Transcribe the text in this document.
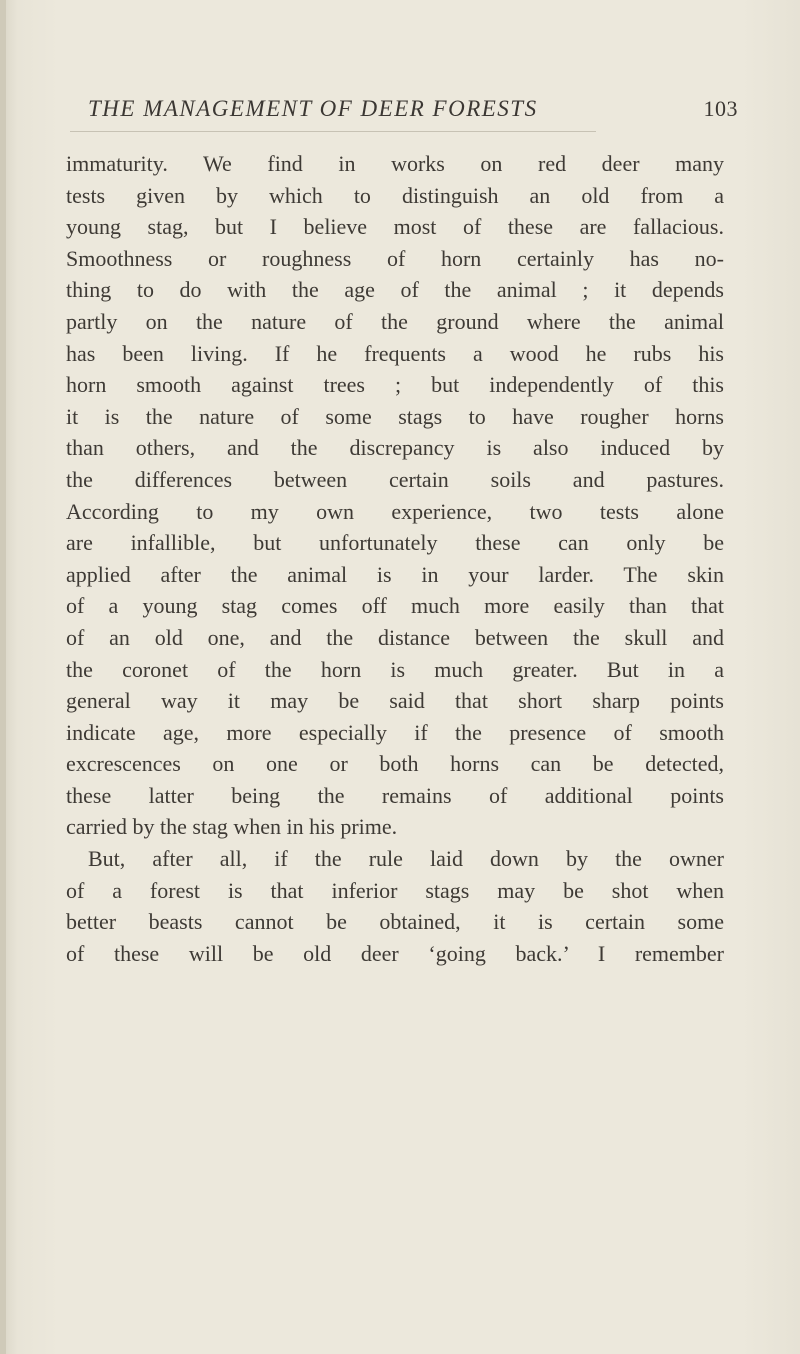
THE MANAGEMENT OF DEER FORESTS	103
immaturity. We find in works on red deer many
tests given by which to distinguish an old from a
young stag, but I believe most of these are fallacious.
Smoothness or roughness of horn certainly has no-
thing to do with the age of the animal ; it depends
partly on the nature of the ground where the animal
has been living. If he frequents a wood he rubs his
horn smooth against trees ; but independently of this
it is the nature of some stags to have rougher horns
than others, and the discrepancy is also induced by
the differences between certain soils and pastures.
According to my own experience, two tests alone
are infallible, but unfortunately these can only be
applied after the animal is in your larder. The skin
of a young stag comes off much more easily than that
of an old one, and the distance between the skull and
the coronet of the horn is much greater. But in a
general way it may be said that short sharp points
indicate age, more especially if the presence of smooth
excrescences on one or both horns can be detected,
these latter being the remains of additional points
carried by the stag when in his prime.
But, after all, if the rule laid down by the owner
of a forest is that inferior stags may be shot when
better beasts cannot be obtained, it is certain some
of these will be old deer ‘going back.’ I remember
